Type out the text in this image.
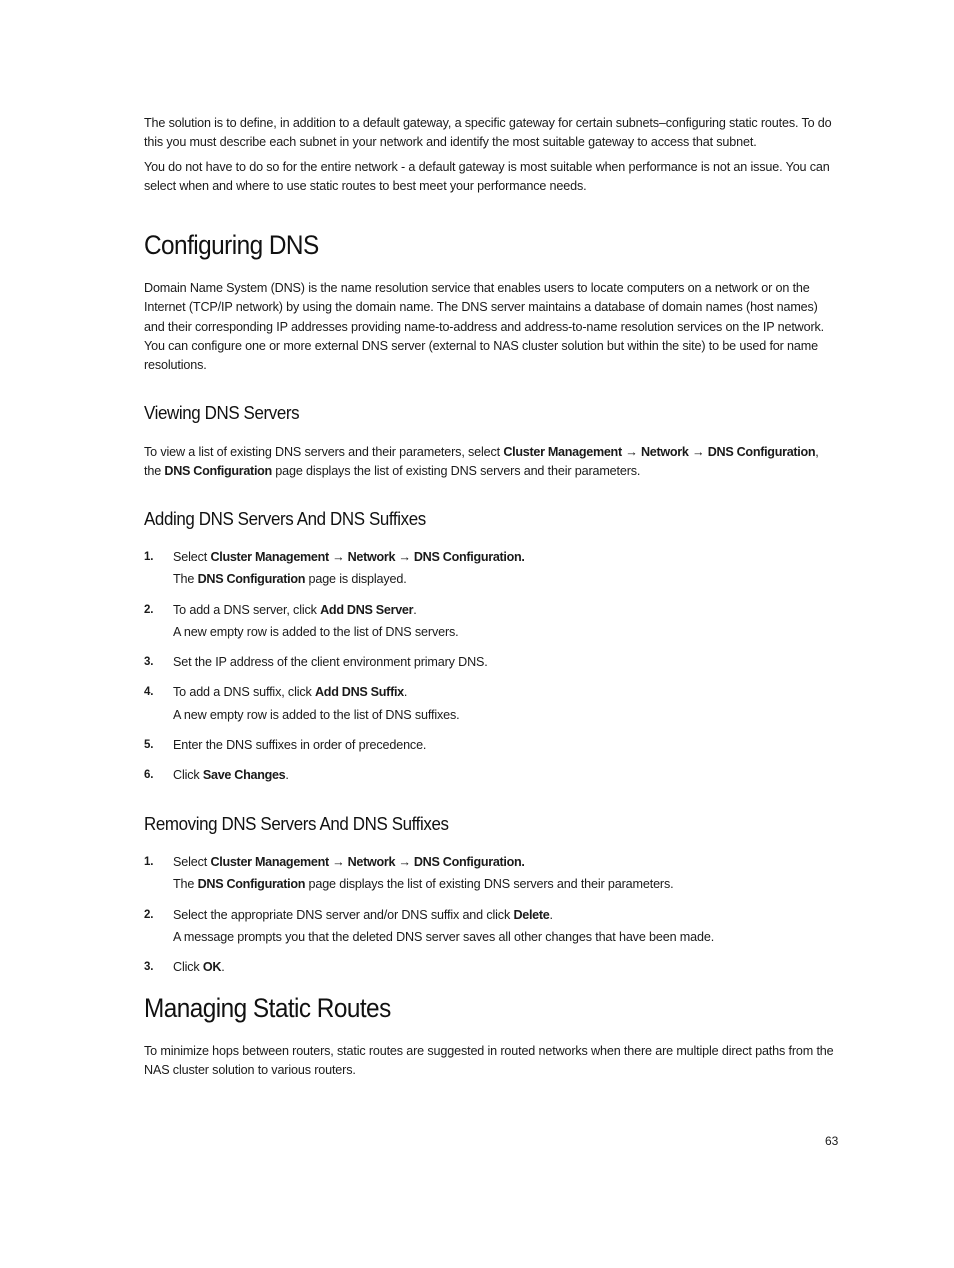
The solution is to define, in addition to a default gateway, a specific gateway for certain subnets–configuring static routes. To do this you must describe each subnet in your network and identify the most suitable gateway to access that subnet.

You do not have to do so for the entire network - a default gateway is most suitable when performance is not an issue. You can select when and where to use static routes to best meet your performance needs.

Configuring DNS

Domain Name System (DNS) is the name resolution service that enables users to locate computers on a network or on the Internet (TCP/IP network) by using the domain name. The DNS server maintains a database of domain names (host names) and their corresponding IP addresses providing name-to-address and address-to-name resolution services on the IP network. You can configure one or more external DNS server (external to NAS cluster solution but within the site) to be used for name resolutions.

Viewing DNS Servers

To view a list of existing DNS servers and their parameters, select Cluster Management → Network → DNS Configuration, the DNS Configuration page displays the list of existing DNS servers and their parameters.

Adding DNS Servers And DNS Suffixes
1. Select Cluster Management → Network → DNS Configuration.
The DNS Configuration page is displayed.
2. To add a DNS server, click Add DNS Server.
A new empty row is added to the list of DNS servers.
3. Set the IP address of the client environment primary DNS.
4. To add a DNS suffix, click Add DNS Suffix.
A new empty row is added to the list of DNS suffixes.
5. Enter the DNS suffixes in order of precedence.
6. Click Save Changes.
Removing DNS Servers And DNS Suffixes
1. Select Cluster Management → Network → DNS Configuration.
The DNS Configuration page displays the list of existing DNS servers and their parameters.
2. Select the appropriate DNS server and/or DNS suffix and click Delete.
A message prompts you that the deleted DNS server saves all other changes that have been made.
3. Click OK.
Managing Static Routes

To minimize hops between routers, static routes are suggested in routed networks when there are multiple direct paths from the NAS cluster solution to various routers.

63
